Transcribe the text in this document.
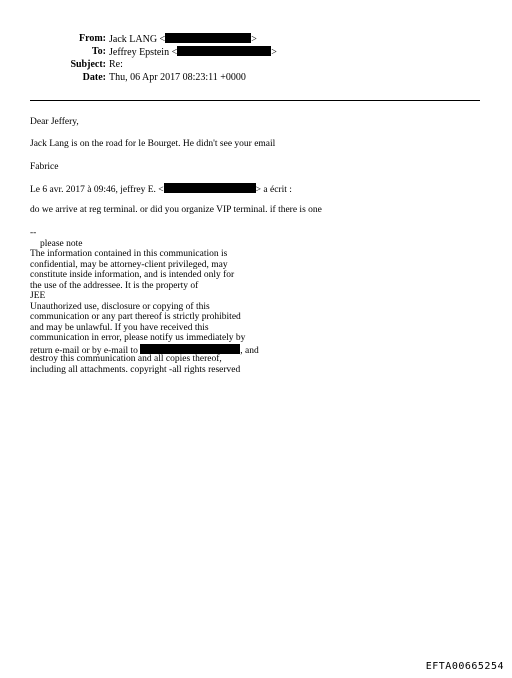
From: Jack LANG <	>
To: Jeffrey Epstein <	>
Subject: Re:
Date: Thu, 06 Apr 2017 08:23:11 +0000
Dear Jeffery,
Jack Lang is on the road for le Bourget. He didn't see your email
Fabrice
Le 6 avr. 2017 à 09:46, jeffrey E. <	> a écrit :
do we arrive at reg terminal. or did you organize VIP terminal. if there is one
--
please note
The information contained in this communication is
confidential, may be attorney-client privileged, may
constitute inside information, and is intended only for
the use of the addressee. It is the property of
JEE
Unauthorized use, disclosure or copying of this
communication or any part thereof is strictly prohibited
and may be unlawful. If you have received this
communication in error, please notify us immediately by
return e-mail or by e-mail to	, and
destroy this communication and all copies thereof,
including all attachments. copyright -all rights reserved
EFTA00665254
